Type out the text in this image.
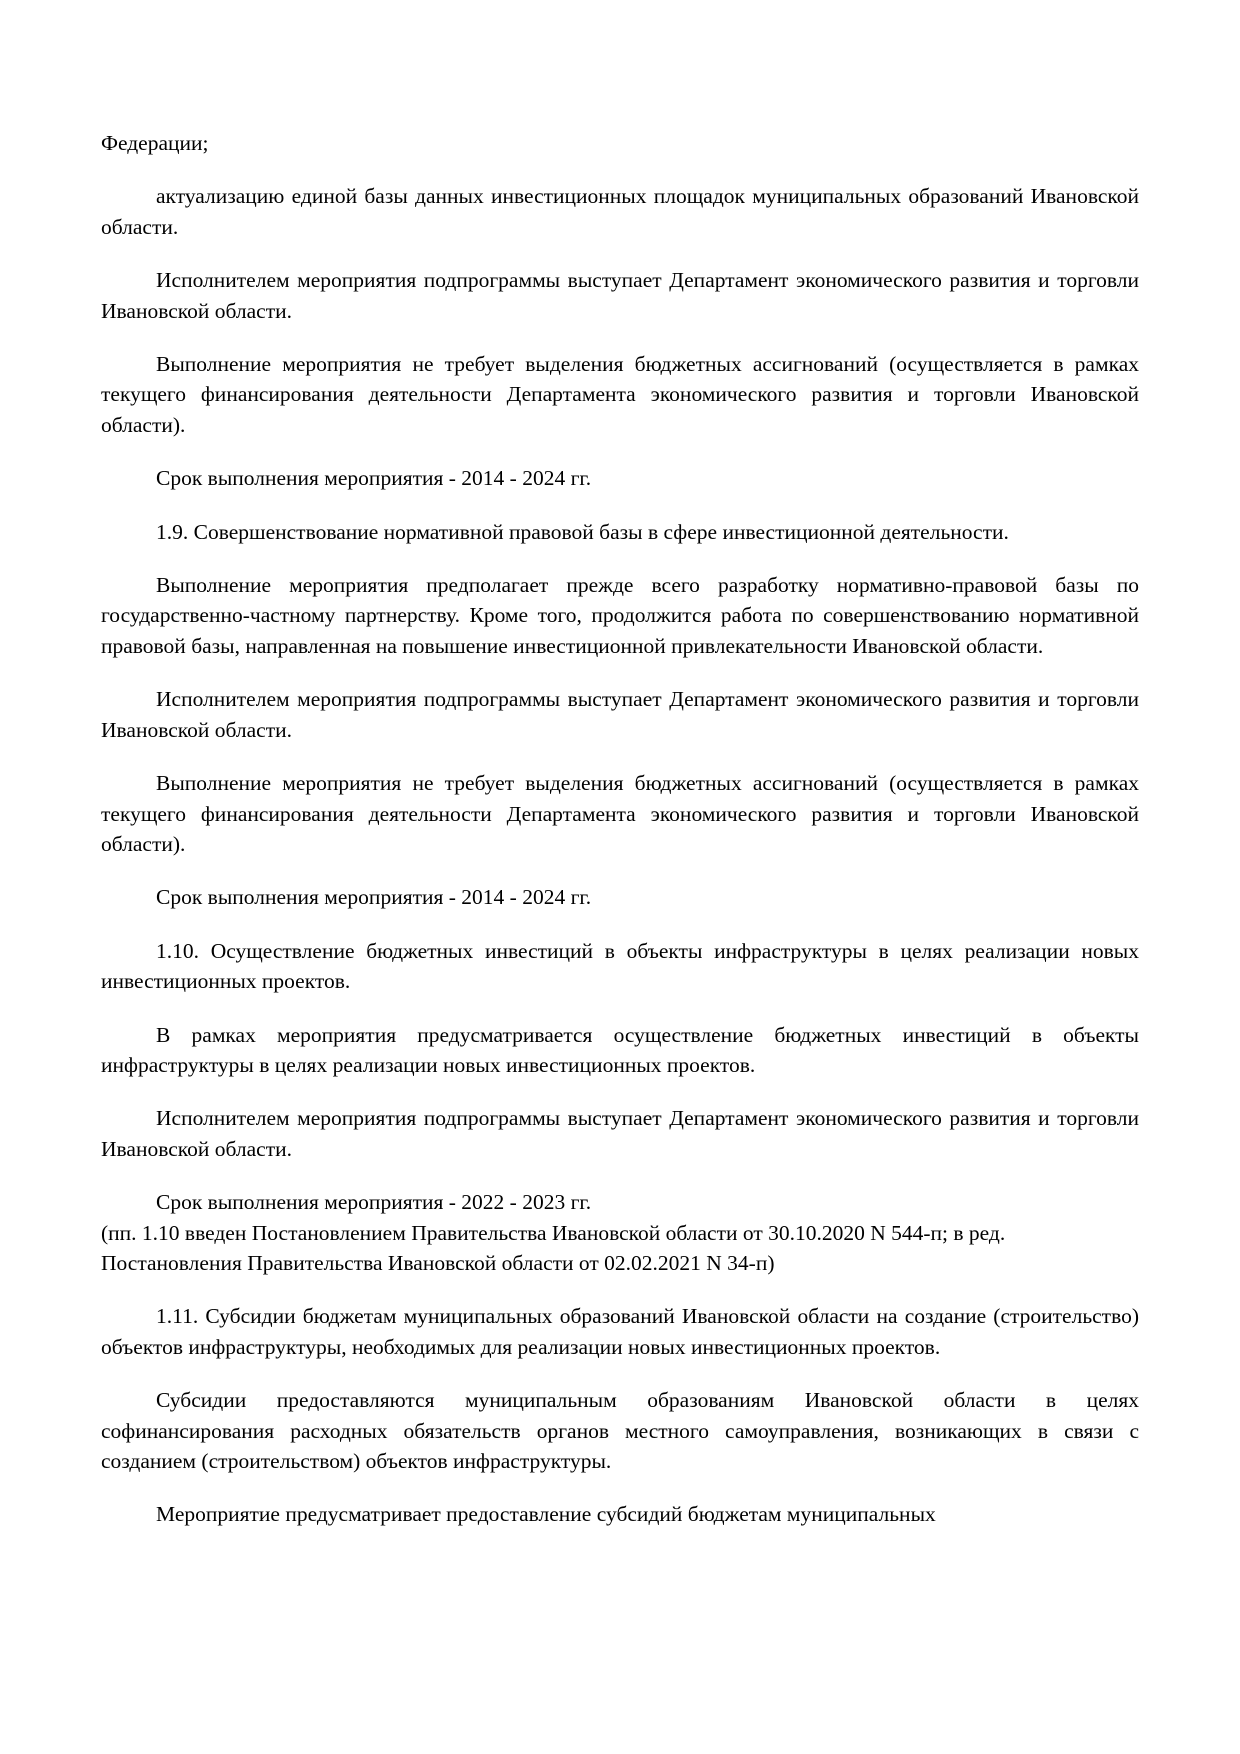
Федерации;

актуализацию единой базы данных инвестиционных площадок муниципальных образований Ивановской области.

Исполнителем мероприятия подпрограммы выступает Департамент экономического развития и торговли Ивановской области.

Выполнение мероприятия не требует выделения бюджетных ассигнований (осуществляется в рамках текущего финансирования деятельности Департамента экономического развития и торговли Ивановской области).

Срок выполнения мероприятия - 2014 - 2024 гг.

1.9. Совершенствование нормативной правовой базы в сфере инвестиционной деятельности.

Выполнение мероприятия предполагает прежде всего разработку нормативно-правовой базы по государственно-частному партнерству. Кроме того, продолжится работа по совершенствованию нормативной правовой базы, направленная на повышение инвестиционной привлекательности Ивановской области.

Исполнителем мероприятия подпрограммы выступает Департамент экономического развития и торговли Ивановской области.

Выполнение мероприятия не требует выделения бюджетных ассигнований (осуществляется в рамках текущего финансирования деятельности Департамента экономического развития и торговли Ивановской области).

Срок выполнения мероприятия - 2014 - 2024 гг.

1.10. Осуществление бюджетных инвестиций в объекты инфраструктуры в целях реализации новых инвестиционных проектов.

В рамках мероприятия предусматривается осуществление бюджетных инвестиций в объекты инфраструктуры в целях реализации новых инвестиционных проектов.

Исполнителем мероприятия подпрограммы выступает Департамент экономического развития и торговли Ивановской области.

Срок выполнения мероприятия - 2022 - 2023 гг.

(пп. 1.10 введен Постановлением Правительства Ивановской области от 30.10.2020 N 544-п; в ред. Постановления Правительства Ивановской области от 02.02.2021 N 34-п)

1.11. Субсидии бюджетам муниципальных образований Ивановской области на создание (строительство) объектов инфраструктуры, необходимых для реализации новых инвестиционных проектов.

Субсидии предоставляются муниципальным образованиям Ивановской области в целях софинансирования расходных обязательств органов местного самоуправления, возникающих в связи с созданием (строительством) объектов инфраструктуры.

Мероприятие предусматривает предоставление субсидий бюджетам муниципальных
